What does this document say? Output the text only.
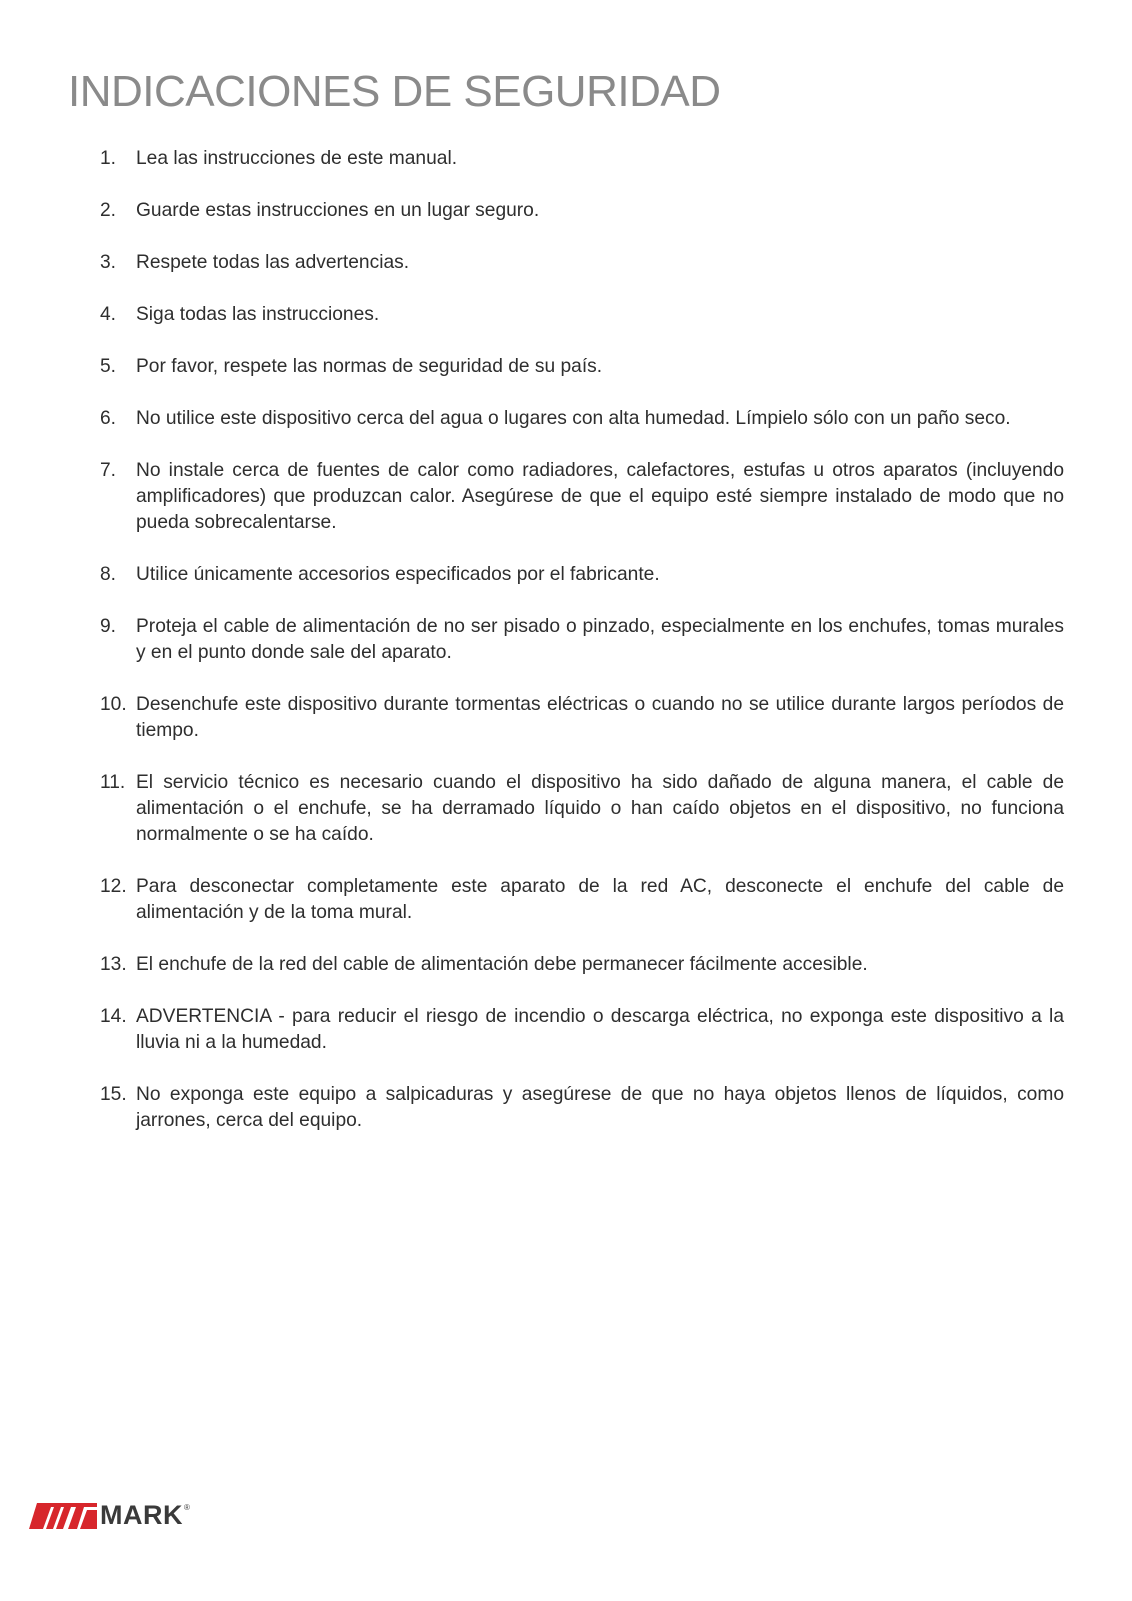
INDICACIONES DE SEGURIDAD
1.	Lea las instrucciones de este manual.
2.	Guarde estas instrucciones en un lugar seguro.
3.	Respete todas las advertencias.
4.	Siga todas las instrucciones.
5.	Por favor, respete las normas de seguridad de su país.
6.	No utilice este dispositivo cerca del agua o lugares con alta humedad. Límpielo sólo con un paño seco.
7.	No instale cerca de fuentes de calor como radiadores, calefactores, estufas u otros aparatos (incluyendo amplificadores) que produzcan calor. Asegúrese de que el equipo esté siempre instalado de modo que no pueda sobrecalentarse.
8.	Utilice únicamente accesorios especificados por el fabricante.
9.	Proteja el cable de alimentación de no ser pisado o pinzado, especialmente en los enchufes, tomas murales y en el punto donde sale del aparato.
10. Desenchufe este dispositivo durante tormentas eléctricas o cuando no se utilice durante largos períodos de tiempo.
11. El servicio técnico es necesario cuando el dispositivo ha sido dañado de alguna manera, el cable de alimentación o el enchufe, se ha derramado líquido o han caído objetos en el dispositivo, no funciona normalmente o se ha caído.
12. Para desconectar completamente este aparato de la red AC, desconecte el enchufe del cable de alimentación y de la toma mural.
13. El enchufe de la red del cable de alimentación debe permanecer fácilmente accesible.
14. ADVERTENCIA - para reducir el riesgo de incendio o descarga eléctrica, no exponga este dispositivo a la lluvia ni a la humedad.
15. No exponga este equipo a salpicaduras y asegúrese de que no haya objetos llenos de líquidos, como jarrones, cerca del equipo.
MARK ®
